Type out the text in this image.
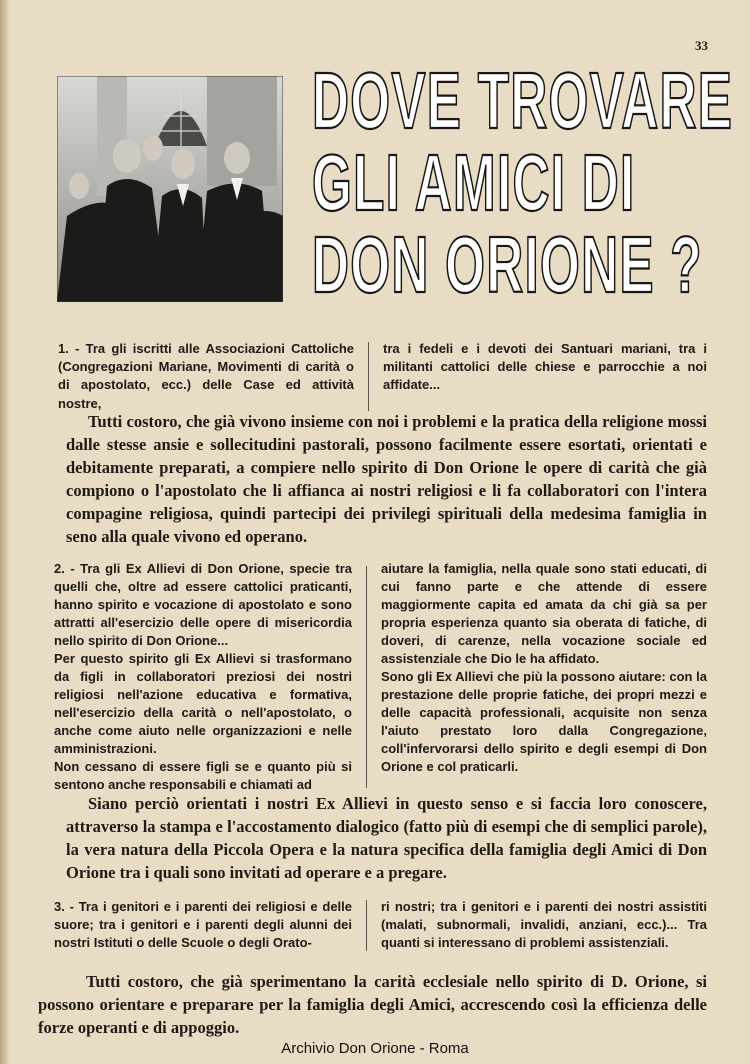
33
DOVE TROVARE
GLI AMICI DI
DON ORIONE ?
1. - Tra gli iscritti alle Associazioni Cattoliche (Congregazioni Mariane, Movimenti di carità o di apostolato, ecc.) delle Case ed attività nostre,
tra i fedeli e i devoti dei Santuari mariani, tra i militanti cattolici delle chiese e parrocchie a noi affidate...
Tutti costoro, che già vivono insieme con noi i problemi e la pratica della religione mossi dalle stesse ansie e sollecitudini pastorali, possono facilmente essere esortati, orientati e debitamente preparati, a compiere nello spirito di Don Orione le opere di carità che già compiono o l'apostolato che li affianca ai nostri religiosi e li fa collaboratori con l'intera compagine religiosa, quindi partecipi dei privilegi spirituali della medesima famiglia in seno alla quale vivono ed operano.

2. - Tra gli Ex Allievi di Don Orione, specie tra quelli che, oltre ad essere cattolici praticanti, hanno spirito e vocazione di apostolato e sono attratti all'esercizio delle opere di misericordia nello spirito di Don Orione...

Per questo spirito gli Ex Allievi si trasformano da figli in collaboratori preziosi dei nostri religiosi nell'azione educativa e formativa, nell'esercizio della carità o nell'apostolato, o anche come aiuto nelle organizzazioni e nelle amministrazioni.

Non cessano di essere figli se e quanto più si sentono anche responsabili e chiamati ad

aiutare la famiglia, nella quale sono stati educati, di cui fanno parte e che attende di essere maggiormente capita ed amata da chi già sa per propria esperienza quanto sia oberata di fatiche, di doveri, di carenze, nella vocazione sociale ed assistenziale che Dio le ha affidato.

Sono gli Ex Allievi che più la possono aiutare: con la prestazione delle proprie fatiche, dei propri mezzi e delle capacità professionali, acquisite non senza l'aiuto prestato loro dalla Congregazione, coll'infervorarsi dello spirito e degli esempi di Don Orione e col praticarli.

Siano perciò orientati i nostri Ex Allievi in questo senso e si faccia loro conoscere, attraverso la stampa e l'accostamento dialogico (fatto più di esempi che di semplici parole), la vera natura della Piccola Opera e la natura specifica della famiglia degli Amici di Don Orione tra i quali sono invitati ad operare e a pregare.
3. - Tra i genitori e i parenti dei religiosi e delle suore; tra i genitori e i parenti degli alunni dei nostri Istituti o delle Scuole o degli Orato-
ri nostri; tra i genitori e i parenti dei nostri assistiti (malati, subnormali, invalidi, anziani, ecc.)... Tra quanti si interessano di problemi assistenziali.
Tutti costoro, che già sperimentano la carità ecclesiale nello spirito di D. Orione, si possono orientare e preparare per la famiglia degli Amici, accrescendo così la efficienza delle forze operanti e di appoggio.
Archivio Don Orione - Roma
